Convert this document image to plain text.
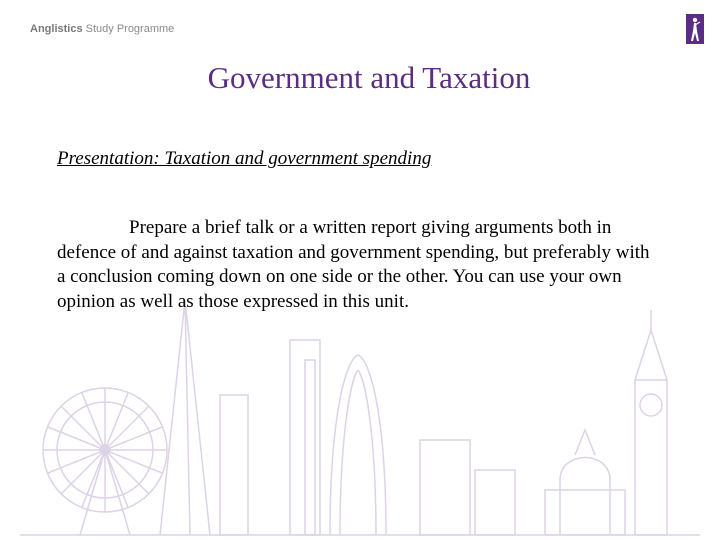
Anglistics Study Programme
Government and Taxation
Presentation: Taxation and government spending
Prepare a brief talk or a written report giving arguments both in defence of and against taxation and government spending, but preferably with a conclusion coming down on one side or the other. You can use your own opinion as well as those expressed in this unit.
